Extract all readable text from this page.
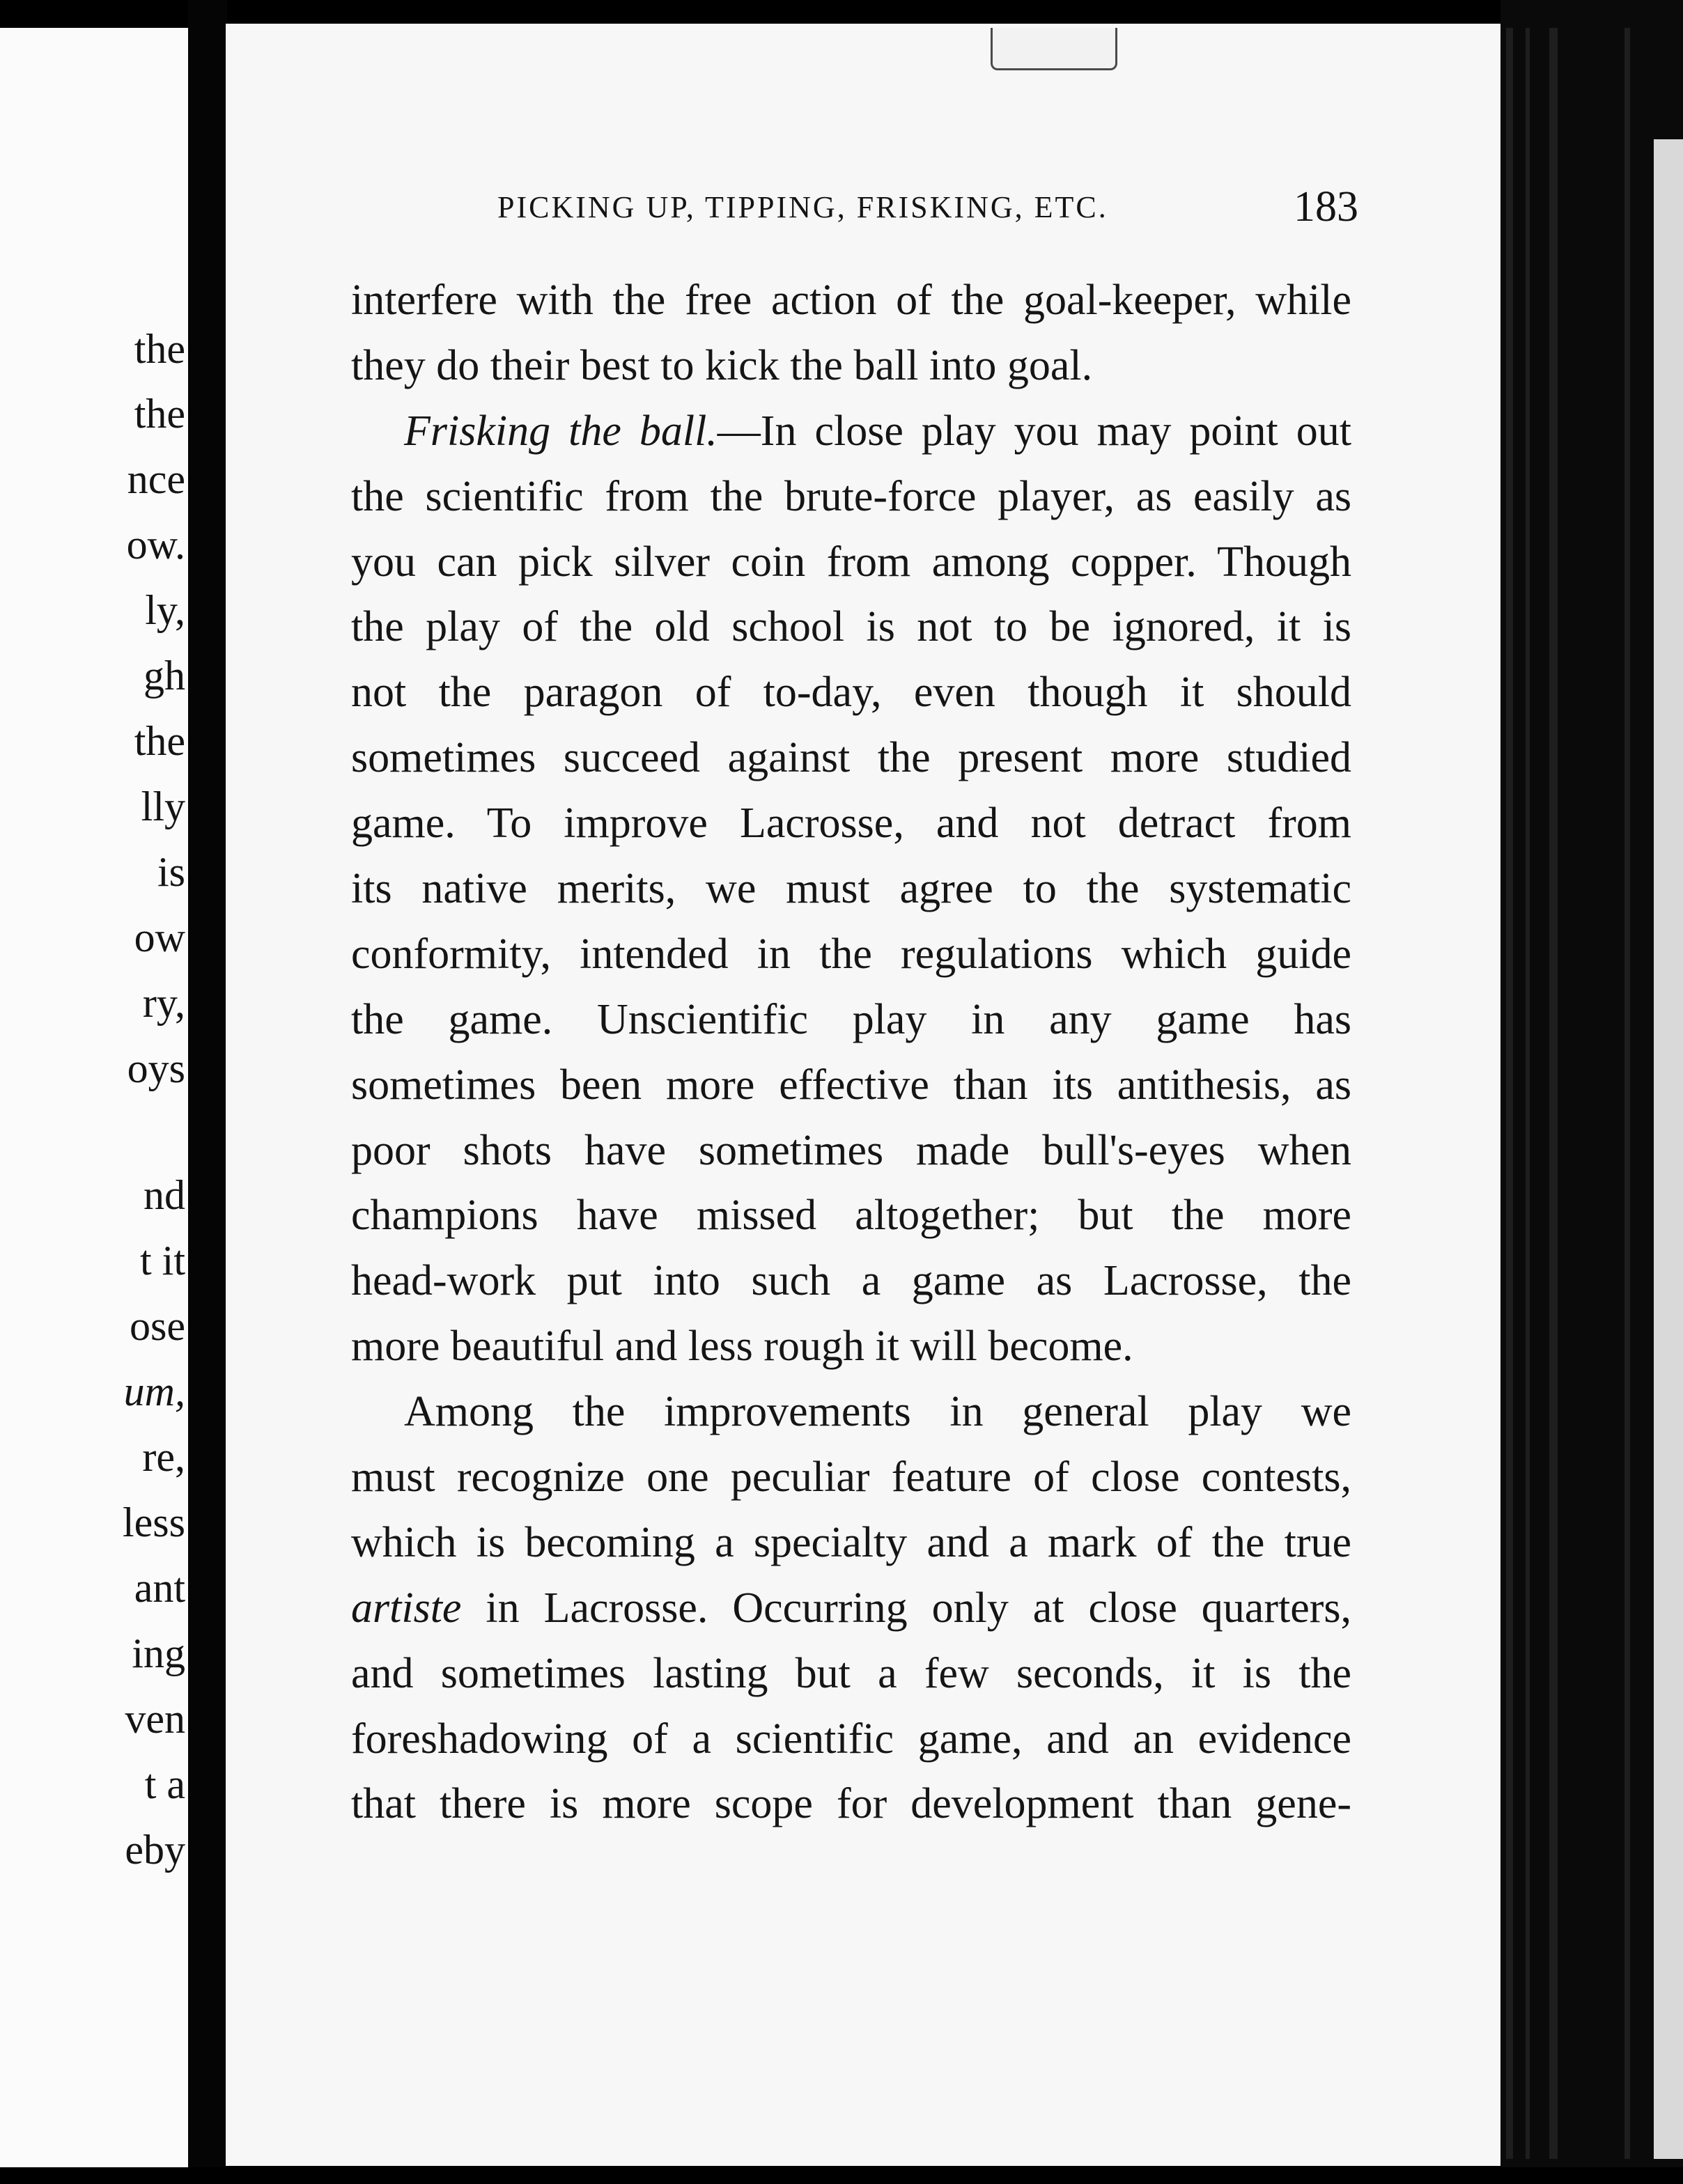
the
the
nce
ow.
ly,
gh
the
lly
is
ow
ry,
oys
nd
t it
ose
um,
re,
less
ant
ing
ven
t a
eby
PICKING UP, TIPPING, FRISKING, ETC.	183
interfere with the free action of the goal-keeper, while
they do their best to kick the ball into goal.
Frisking the ball.—In close play you may point out
the scientific from the brute-force player, as easily as
you can pick silver coin from among copper. Though
the play of the old school is not to be ignored, it is
not the paragon of to-day, even though it should
sometimes succeed against the present more studied
game. To improve Lacrosse, and not detract from
its native merits, we must agree to the systematic
conformity, intended in the regulations which guide
the game. Unscientific play in any game has
sometimes been more effective than its antithesis, as
poor shots have sometimes made bull's-eyes when
champions have missed altogether; but the more
head-work put into such a game as Lacrosse, the
more beautiful and less rough it will become.
Among the improvements in general play we
must recognize one peculiar feature of close contests,
which is becoming a specialty and a mark of the true
artiste in Lacrosse. Occurring only at close quarters,
and sometimes lasting but a few seconds, it is the
foreshadowing of a scientific game, and an evidence
that there is more scope for development than gene-
